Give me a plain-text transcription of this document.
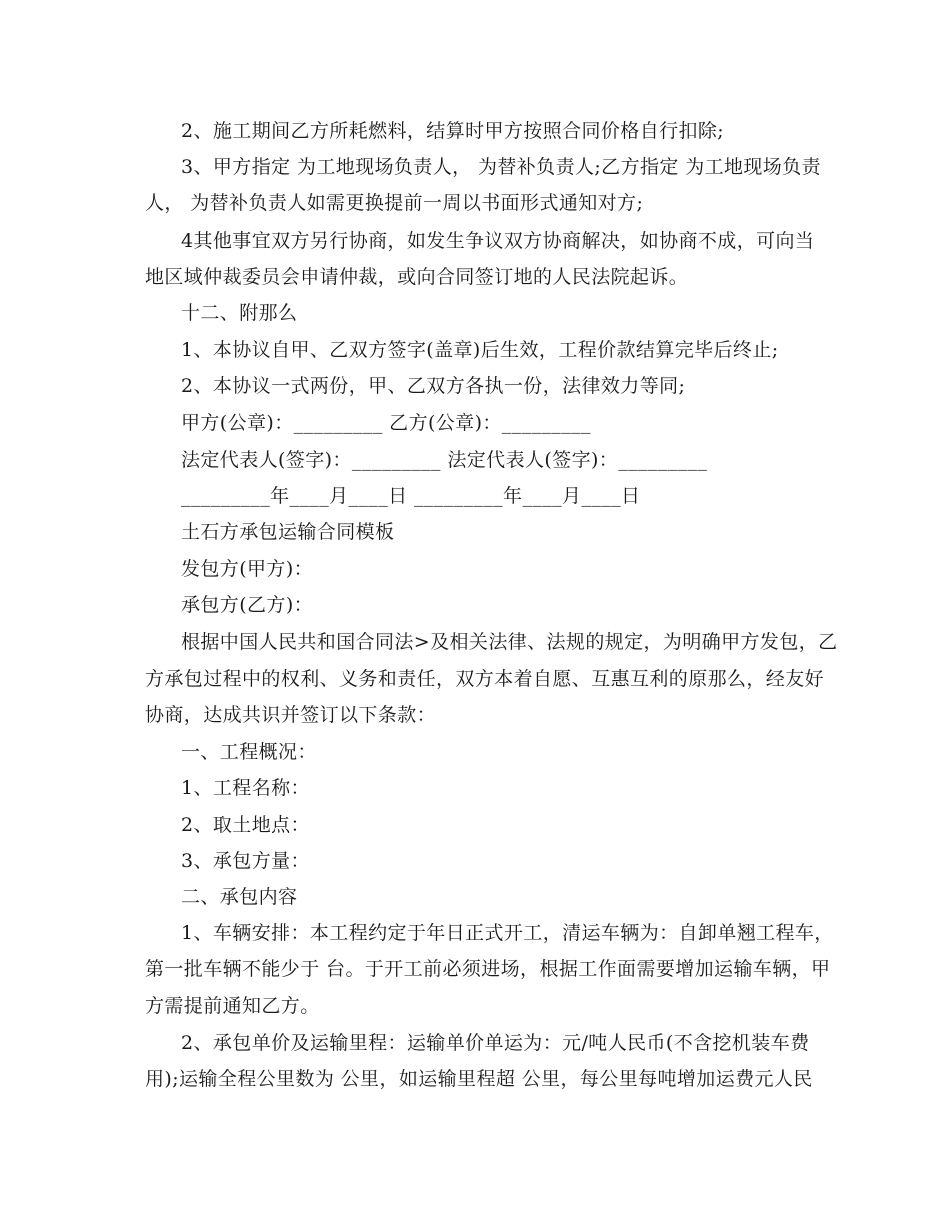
2、施工期间乙方所耗燃料，结算时甲方按照合同价格自行扣除;
3、甲方指定 为工地现场负责人， 为替补负责人;乙方指定 为工地现场负责
人， 为替补负责人如需更换提前一周以书面形式通知对方;
4其他事宜双方另行协商，如发生争议双方协商解决，如协商不成，可向当
地区域仲裁委员会申请仲裁，或向合同签订地的人民法院起诉。
十二、附那么
1、本协议自甲、乙双方签字(盖章)后生效，工程价款结算完毕后终止;
2、本协议一式两份，甲、乙双方各执一份，法律效力等同;
甲方(公章)：_________ 乙方(公章)：_________
法定代表人(签字)：_________ 法定代表人(签字)：_________
_________年____月____日 _________年____月____日
土石方承包运输合同模板
发包方(甲方)：
承包方(乙方)：
根据中国人民共和国合同法>及相关法律、法规的规定，为明确甲方发包，乙
方承包过程中的权利、义务和责任，双方本着自愿、互惠互利的原那么，经友好
协商，达成共识并签订以下条款：
一、工程概况：
1、工程名称：
2、取土地点：
3、承包方量：
二、承包内容
1、车辆安排：本工程约定于年日正式开工，清运车辆为：自卸单翘工程车，
第一批车辆不能少于 台。于开工前必须进场，根据工作面需要增加运输车辆，甲
方需提前通知乙方。
2、承包单价及运输里程：运输单价单运为：元/吨人民币(不含挖机装车费
用);运输全程公里数为 公里，如运输里程超 公里，每公里每吨增加运费元人民
